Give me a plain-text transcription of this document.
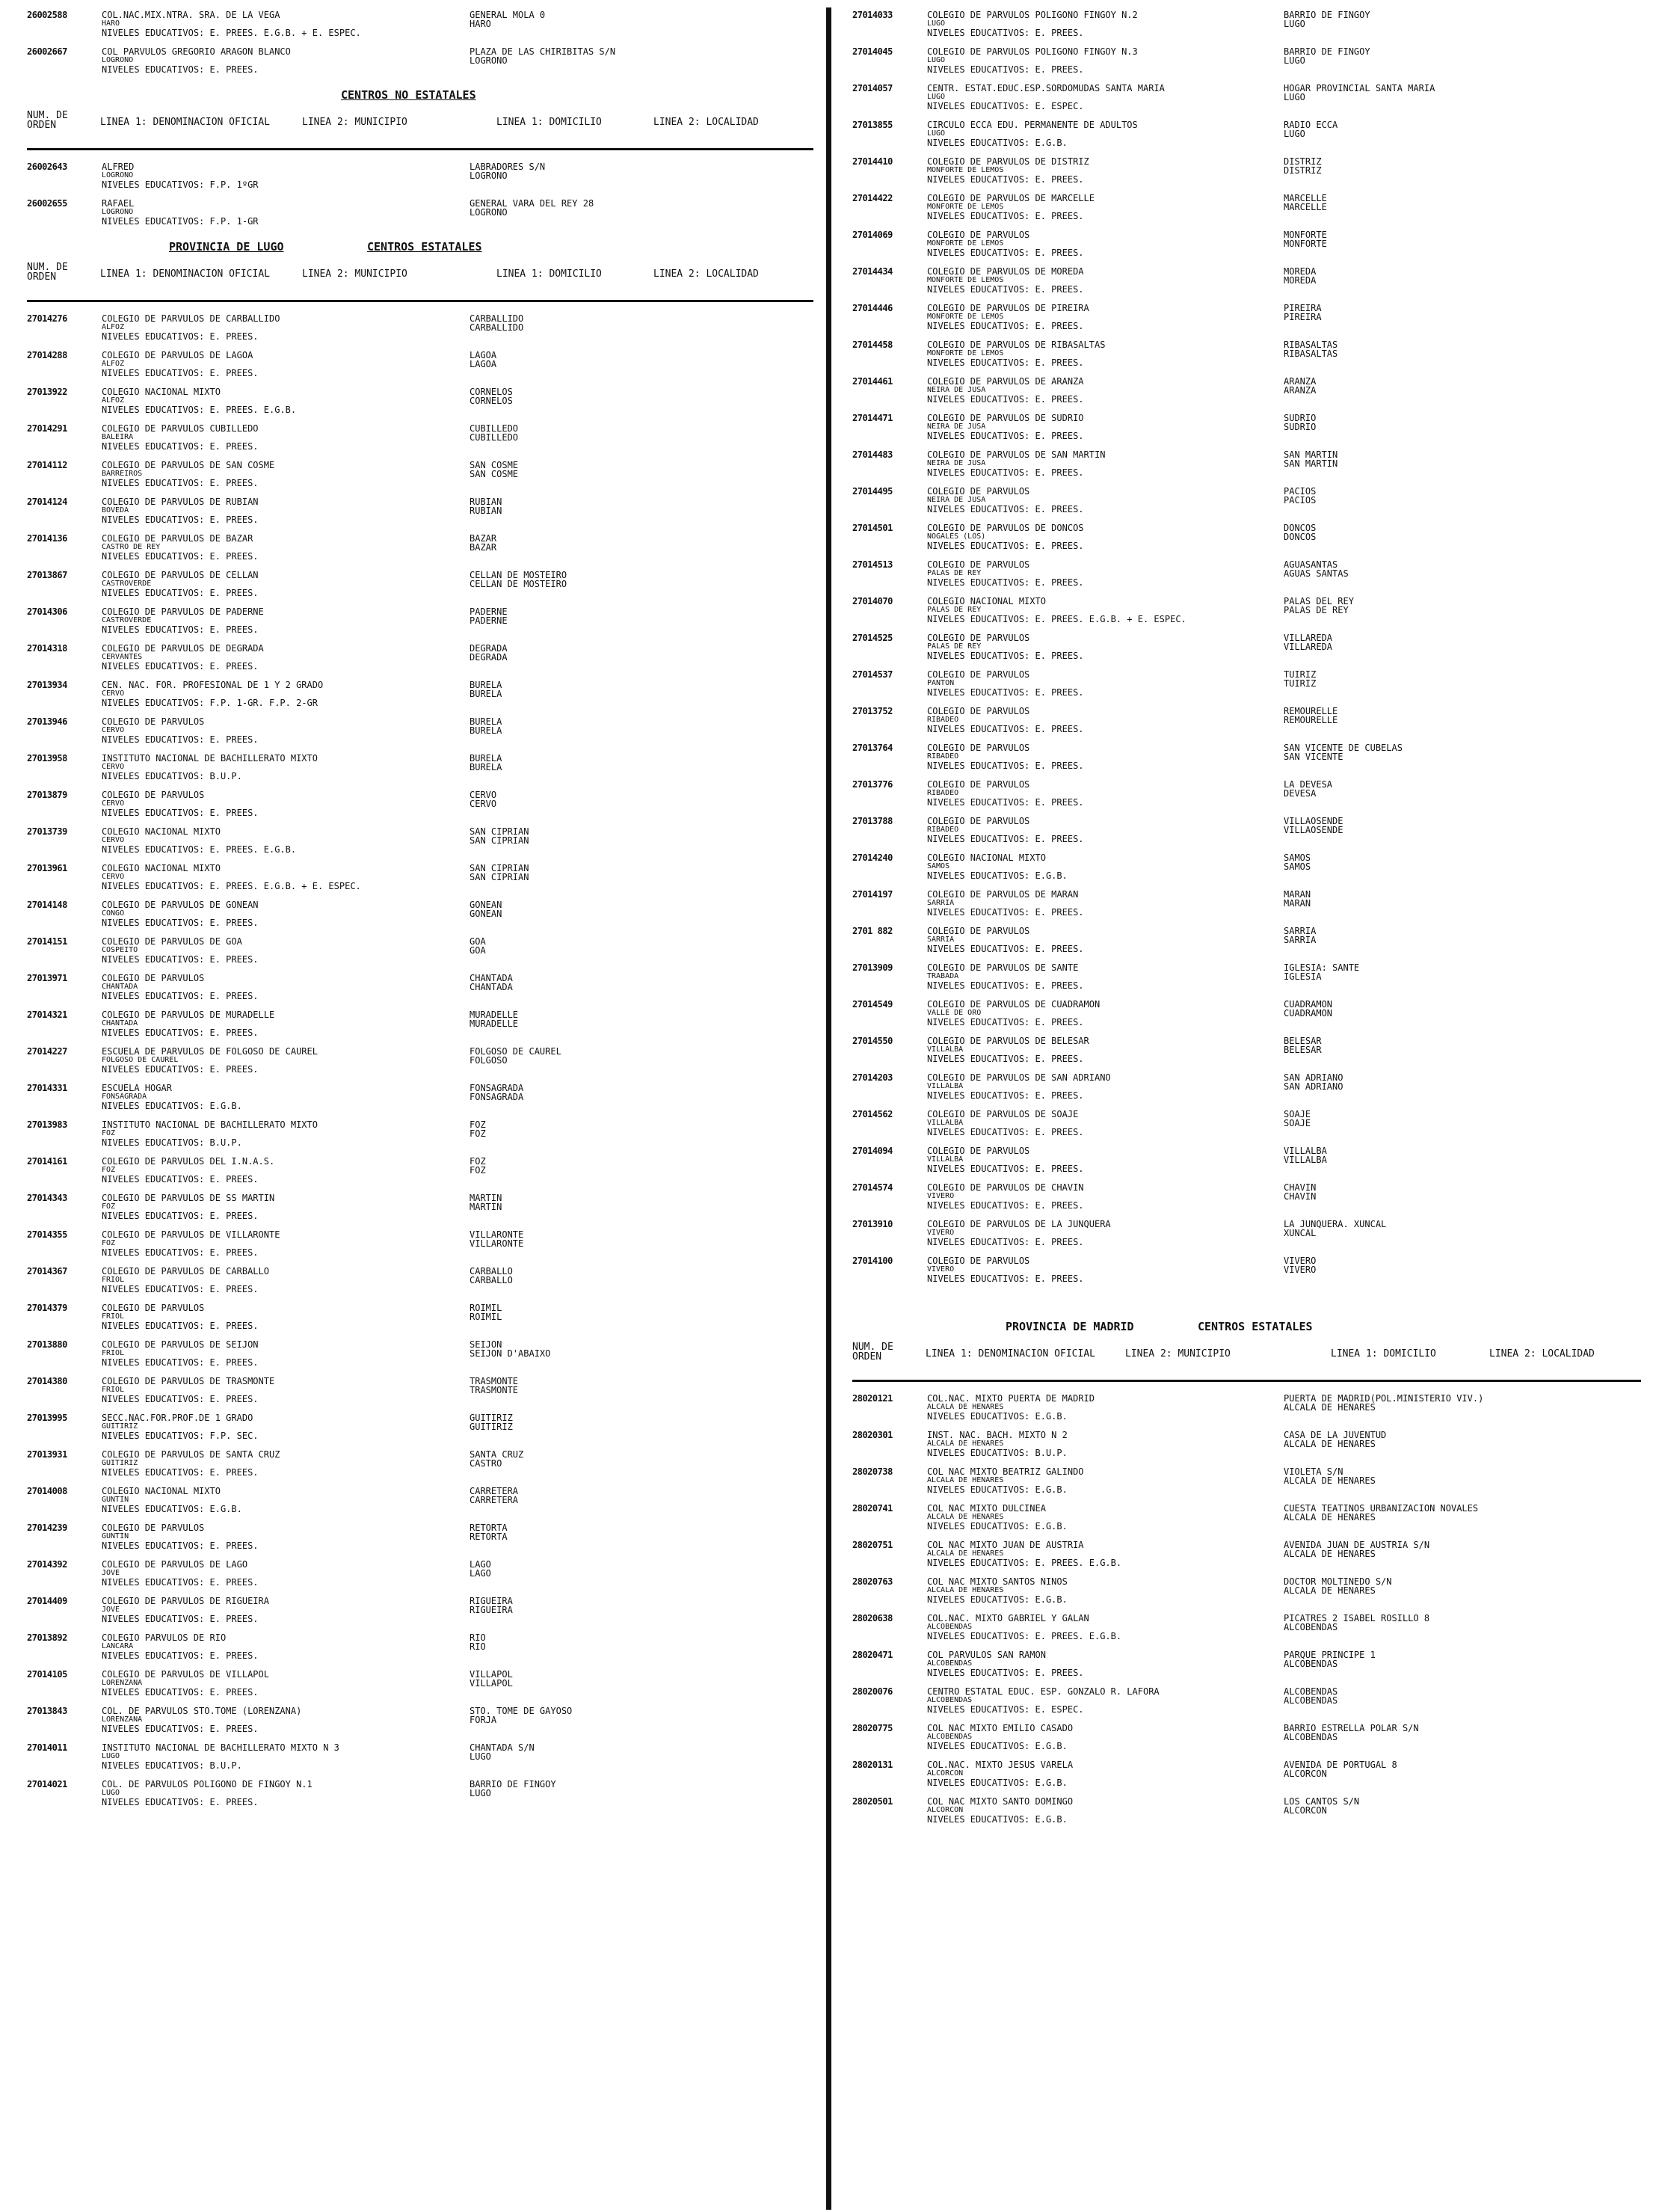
26002588	COL.NAC.MIX.NTRA. SRA. DE LA VEGA
HARO
NIVELES EDUCATIVOS: E. PREES. E.G.B. + E. ESPEC.
GENERAL MOLA 0
HARO
26002667	COL PARVULOS GREGORIO ARAGON BLANCO
LOGROÑO
NIVELES EDUCATIVOS: E. PREES.
PLAZA DE LAS CHIRIBITAS S/N
LOGROÑO
CENTROS NO ESTATALES
NUM. DE ORDEN	LINEA 1: DENOMINACION OFICIAL	LINEA 2: MUNICIPIO	LINEA 1: DOMICILIO	LINEA 2: LOCALIDAD
26002643	ALFRED
LOGROÑO
NIVELES EDUCATIVOS: F.P. 1ºGR
LABRADORES S/N
LOGROÑO
26002655	RAFAEL
LOGROÑO
NIVELES EDUCATIVOS: F.P. 1-GR
GENERAL VARA DEL REY 28
LOGROÑO
PROVINCIA DE LUGO	CENTROS ESTATALES
NUM. DE ORDEN	LINEA 1: DENOMINACION OFICIAL	LINEA 2: MUNICIPIO	LINEA 1: DOMICILIO	LINEA 2: LOCALIDAD
27014276	COLEGIO DE PARVULOS DE CARBALLIDO
ALFOZ
NIVELES EDUCATIVOS: E. PREES.
CARBALLIDO
CARBALLIDO
27014288	COLEGIO DE PARVULOS DE LAGOA
ALFOZ
NIVELES EDUCATIVOS: E. PREES.
LAGOA
LAGOA
27013922	COLEGIO NACIONAL MIXTO
ALFOZ
NIVELES EDUCATIVOS: E. PREES. E.G.B.
CORNELOS
CORNELOS
27014291	COLEGIO DE PARVULOS CUBILLEDO
BALEIRA
NIVELES EDUCATIVOS: E. PREES.
CUBILLEDO
CUBILLEDO
27014112	COLEGIO DE PARVULOS DE SAN COSME
BARREIROS
NIVELES EDUCATIVOS: E. PREES.
SAN COSME
SAN COSME
27014124	COLEGIO DE PARVULOS DE RUBIAN
BOVEDA
NIVELES EDUCATIVOS: E. PREES.
RUBIAN
RUBIAN
27014136	COLEGIO DE PARVULOS DE BAZAR
CASTRO DE REY
NIVELES EDUCATIVOS: E. PREES.
BAZAR
BAZAR
27013867	COLEGIO DE PARVULOS DE CELLAN
CASTROVERDE
NIVELES EDUCATIVOS: E. PREES.
CELLAN DE MOSTEIRO
CELLAN DE MOSTEIRO
27014306	COLEGIO DE PARVULOS DE PADERNE
CASTROVERDE
NIVELES EDUCATIVOS: E. PREES.
PADERNE
PADERNE
27014318	COLEGIO DE PARVULOS DE DEGRADA
CERVANTES
NIVELES EDUCATIVOS: E. PREES.
DEGRADA
DEGRADA
27013934	CEN. NAC. FOR. PROFESIONAL DE 1 Y 2 GRADO
CERVO
NIVELES EDUCATIVOS: F.P. 1-GR. F.P. 2-GR
BURELA
BURELA
27013946	COLEGIO DE PARVULOS
CERVO
NIVELES EDUCATIVOS: E. PREES.
BURELA
BURELA
27013958	INSTITUTO NACIONAL DE BACHILLERATO MIXTO
CERVO
NIVELES EDUCATIVOS: B.U.P.
BURELA
BURELA
27013879	COLEGIO DE PARVULOS
CERVO
NIVELES EDUCATIVOS: E. PREES.
CERVO
CERVO
27013739	COLEGIO NACIONAL MIXTO
CERVO
NIVELES EDUCATIVOS: E. PREES. E.G.B.
SAN CIPRIAN
SAN CIPRIAN
27013961	COLEGIO NACIONAL MIXTO
CERVO
NIVELES EDUCATIVOS: E. PREES. E.G.B. + E. ESPEC.
SAN CIPRIAN
SAN CIPRIAN
27014148	COLEGIO DE PARVULOS DE GONEAN
CONGO
NIVELES EDUCATIVOS: E. PREES.
GONEAN
GONEAN
27014151	COLEGIO DE PARVULOS DE GOA
COSPEITO
NIVELES EDUCATIVOS: E. PREES.
GOA
GOA
27013971	COLEGIO DE PARVULOS
CHANTADA
NIVELES EDUCATIVOS: E. PREES.
CHANTADA
CHANTADA
27014321	COLEGIO DE PARVULOS DE MURADELLE
CHANTADA
NIVELES EDUCATIVOS: E. PREES.
MURADELLE
MURADELLE
27014227	ESCUELA DE PARVULOS DE FOLGOSO DE CAUREL
FOLGOSO DE CAUREL
NIVELES EDUCATIVOS: E. PREES.
FOLGOSO DE CAUREL
FOLGOSO
27014331	ESCUELA HOGAR
FONSAGRADA
NIVELES EDUCATIVOS: E.G.B.
FONSAGRADA
FONSAGRADA
27013983	INSTITUTO NACIONAL DE BACHILLERATO MIXTO
FOZ
NIVELES EDUCATIVOS: B.U.P.
FOZ
FOZ
27014161	COLEGIO DE PARVULOS DEL I.N.A.S.
FOZ
NIVELES EDUCATIVOS: E. PREES.
FOZ
FOZ
27014343	COLEGIO DE PARVULOS DE SS MARTIN
FOZ
NIVELES EDUCATIVOS: E. PREES.
MARTIN
MARTIN
27014355	COLEGIO DE PARVULOS DE VILLARONTE
FOZ
NIVELES EDUCATIVOS: E. PREES.
VILLARONTE
VILLARONTE
27014367	COLEGIO DE PARVULOS DE CARBALLO
FRIOL
NIVELES EDUCATIVOS: E. PREES.
CARBALLO
CARBALLO
27014379	COLEGIO DE PARVULOS
FRIOL
NIVELES EDUCATIVOS: E. PREES.
ROIMIL
ROIMIL
27013880	COLEGIO DE PARVULOS DE SEIJON
FRIOL
NIVELES EDUCATIVOS: E. PREES.
SEIJON
SEIJON D'ABAIXO
27014380	COLEGIO DE PARVULOS DE TRASMONTE
FRIOL
NIVELES EDUCATIVOS: E. PREES.
TRASMONTE
TRASMONTE
27013995	SECC.NAC.FOR.PROF.DE 1 GRADO
GUITIRIZ
NIVELES EDUCATIVOS: F.P. SEC.
GUITIRIZ
GUITIRIZ
27013931	COLEGIO DE PARVULOS DE SANTA CRUZ
GUITIRIZ
NIVELES EDUCATIVOS: E. PREES.
SANTA CRUZ
CASTRO
27014008	COLEGIO NACIONAL MIXTO
GUNTIN
NIVELES EDUCATIVOS: E.G.B.
CARRETERA
CARRETERA
27014239	COLEGIO DE PARVULOS
GUNTIN
NIVELES EDUCATIVOS: E. PREES.
RETORTA
RETORTA
27014392	COLEGIO DE PARVULOS DE LAGO
JOVE
NIVELES EDUCATIVOS: E. PREES.
LAGO
LAGO
27014409	COLEGIO DE PARVULOS DE RIGUEIRA
JOVE
NIVELES EDUCATIVOS: E. PREES.
RIGUEIRA
RIGUEIRA
27013892	COLEGIO PARVULOS DE RIO
LANCARA
NIVELES EDUCATIVOS: E. PREES.
RIO
RIO
27014105	COLEGIO DE PARVULOS DE VILLAPOL
LORENZANA
NIVELES EDUCATIVOS: E. PREES.
VILLAPOL
VILLAPOL
27013843	COL. DE PARVULOS STO.TOME (LORENZANA)
LORENZANA
NIVELES EDUCATIVOS: E. PREES.
STO. TOME DE GAYOSO
FORJA
27014011	INSTITUTO NACIONAL DE BACHILLERATO MIXTO N 3
LUGO
NIVELES EDUCATIVOS: B.U.P.
CHANTADA S/N
LUGO
27014021	COL. DE PARVULOS POLIGONO DE FINGOY N.1
LUGO
NIVELES EDUCATIVOS: E. PREES.
BARRIO DE FINGOY
LUGO
27014033	COLEGIO DE PARVULOS POLIGONO FINGOY N.2
LUGO
NIVELES EDUCATIVOS: E. PREES.
BARRIO DE FINGOY
LUGO
27014045	COLEGIO DE PARVULOS POLIGONO FINGOY N.3
LUGO
NIVELES EDUCATIVOS: E. PREES.
BARRIO DE FINGOY
LUGO
27014057	CENTR. ESTAT.EDUC.ESP.SORDOMUDAS SANTA MARIA
LUGO
NIVELES EDUCATIVOS: E. ESPEC.
HOGAR PROVINCIAL SANTA MARIA
LUGO
27013855	CIRCULO ECCA EDU. PERMANENTE DE ADULTOS
LUGO
NIVELES EDUCATIVOS: E.G.B.
RADIO ECCA
LUGO
27014410	COLEGIO DE PARVULOS DE DISTRIZ
MONFORTE DE LEMOS
NIVELES EDUCATIVOS: E. PREES.
DISTRIZ
DISTRIZ
27014422	COLEGIO DE PARVULOS DE MARCELLE
MONFORTE DE LEMOS
NIVELES EDUCATIVOS: E. PREES.
MARCELLE
MARCELLE
27014069	COLEGIO DE PARVULOS
MONFORTE DE LEMOS
NIVELES EDUCATIVOS: E. PREES.
MONFORTE
MONFORTE
27014434	COLEGIO DE PARVULOS DE MOREDA
MONFORTE DE LEMOS
NIVELES EDUCATIVOS: E. PREES.
MOREDA
MOREDA
27014446	COLEGIO DE PARVULOS DE PIREIRA
MONFORTE DE LEMOS
NIVELES EDUCATIVOS: E. PREES.
PIREIRA
PIREIRA
27014458	COLEGIO DE PARVULOS DE RIBASALTAS
MONFORTE DE LEMOS
NIVELES EDUCATIVOS: E. PREES.
RIBASALTAS
RIBASALTAS
27014461	COLEGIO DE PARVULOS DE ARANZA
NEIRA DE JUSA
NIVELES EDUCATIVOS: E. PREES.
ARANZA
ARANZA
27014471	COLEGIO DE PARVULOS DE SUDRIO
NEIRA DE JUSA
NIVELES EDUCATIVOS: E. PREES.
SUDRIO
SUDRIO
27014483	COLEGIO DE PARVULOS DE SAN MARTIN
NEIRA DE JUSA
NIVELES EDUCATIVOS: E. PREES.
SAN MARTIN
SAN MARTIN
27014495	COLEGIO DE PARVULOS
NEIRA DE JUSA
NIVELES EDUCATIVOS: E. PREES.
PACIOS
PACIOS
27014501	COLEGIO DE PARVULOS DE DONCOS
NOGALES (LOS)
NIVELES EDUCATIVOS: E. PREES.
DONCOS
DONCOS
27014513	COLEGIO DE PARVULOS
PALAS DE REY
NIVELES EDUCATIVOS: E. PREES.
AGUASANTAS
AGUAS SANTAS
27014070	COLEGIO NACIONAL MIXTO
PALAS DE REY
NIVELES EDUCATIVOS: E. PREES. E.G.B. + E. ESPEC.
PALAS DEL REY
PALAS DE REY
27014525	COLEGIO DE PARVULOS
PALAS DE REY
NIVELES EDUCATIVOS: E. PREES.
VILLAREDA
VILLAREDA
27014537	COLEGIO DE PARVULOS
PANTON
NIVELES EDUCATIVOS: E. PREES.
TUIRIZ
TUIRIZ
27013752	COLEGIO DE PARVULOS
RIBADEO
NIVELES EDUCATIVOS: E. PREES.
REMOURELLE
REMOURELLE
27013764	COLEGIO DE PARVULOS
RIBADEO
NIVELES EDUCATIVOS: E. PREES.
SAN VICENTE DE CUBELAS
SAN VICENTE
27013776	COLEGIO DE PARVULOS
RIBADEO
NIVELES EDUCATIVOS: E. PREES.
LA DEVESA
DEVESA
27013788	COLEGIO DE PARVULOS
RIBADEO
NIVELES EDUCATIVOS: E. PREES.
VILLAOSENDE
VILLAOSENDE
27014240	COLEGIO NACIONAL MIXTO
SAMOS
NIVELES EDUCATIVOS: E.G.B.
SAMOS
SAMOS
27014197	COLEGIO DE PARVULOS DE MARAN
SARRIA
NIVELES EDUCATIVOS: E. PREES.
MARAN
MARAN
2701 882	COLEGIO DE PARVULOS
SARRIA
NIVELES EDUCATIVOS: E. PREES.
SARRIA
SARRIA
27013909	COLEGIO DE PARVULOS DE SANTE
TRABADA
NIVELES EDUCATIVOS: E. PREES.
IGLESIA: SANTE
IGLESIA
27014549	COLEGIO DE PARVULOS DE CUADRAMON
VALLE DE ORO
NIVELES EDUCATIVOS: E. PREES.
CUADRAMON
CUADRAMON
27014550	COLEGIO DE PARVULOS DE BELESAR
VILLALBA
NIVELES EDUCATIVOS: E. PREES.
BELESAR
BELESAR
27014203	COLEGIO DE PARVULOS DE SAN ADRIANO
VILLALBA
NIVELES EDUCATIVOS: E. PREES.
SAN ADRIANO
SAN ADRIANO
27014562	COLEGIO DE PARVULOS DE SOAJE
VILLALBA
NIVELES EDUCATIVOS: E. PREES.
SOAJE
SOAJE
27014094	COLEGIO DE PARVULOS
VILLALBA
NIVELES EDUCATIVOS: E. PREES.
VILLALBA
VILLALBA
27014574	COLEGIO DE PARVULOS DE CHAVIN
VIVERO
NIVELES EDUCATIVOS: E. PREES.
CHAVIN
CHAVIN
27013910	COLEGIO DE PARVULOS DE LA JUNQUERA
VIVERO
NIVELES EDUCATIVOS: E. PREES.
LA JUNQUERA. XUNCAL
XUNCAL
27014100	COLEGIO DE PARVULOS
VIVERO
NIVELES EDUCATIVOS: E. PREES.
VIVERO
VIVERO
PROVINCIA DE MADRID	CENTROS ESTATALES
NUM. DE ORDEN	LINEA 1: DENOMINACION OFICIAL	LINEA 2: MUNICIPIO	LINEA 1: DOMICILIO	LINEA 2: LOCALIDAD
28020121	COL.NAC. MIXTO PUERTA DE MADRID
ALCALA DE HENARES
NIVELES EDUCATIVOS: E.G.B.
PUERTA DE MADRID(POL.MINISTERIO VIV.)
ALCALA DE HENARES
28020301	INST. NAC. BACH. MIXTO N 2
ALCALA DE HENARES
NIVELES EDUCATIVOS: B.U.P.
CASA DE LA JUVENTUD
ALCALA DE HENARES
28020738	COL NAC MIXTO BEATRIZ GALINDO
ALCALA DE HENARES
NIVELES EDUCATIVOS: E.G.B.
VIOLETA S/N
ALCALA DE HENARES
28020741	COL NAC MIXTO DULCINEA
ALCALA DE HENARES
NIVELES EDUCATIVOS: E.G.B.
CUESTA TEATINOS URBANIZACION NOVALES
ALCALA DE HENARES
28020751	COL NAC MIXTO JUAN DE AUSTRIA
ALCALA DE HENARES
NIVELES EDUCATIVOS: E. PREES. E.G.B.
AVENIDA JUAN DE AUSTRIA S/N
ALCALA DE HENARES
28020763	COL NAC MIXTO SANTOS NINOS
ALCALA DE HENARES
NIVELES EDUCATIVOS: E.G.B.
DOCTOR MOLTINEDO S/N
ALCALA DE HENARES
28020638	COL.NAC. MIXTO GABRIEL Y GALAN
ALCOBENDAS
NIVELES EDUCATIVOS: E. PREES. E.G.B.
PICATRES 2 ISABEL ROSILLO 8
ALCOBENDAS
28020471	COL PARVULOS SAN RAMON
ALCOBENDAS
NIVELES EDUCATIVOS: E. PREES.
PARQUE PRINCIPE 1
ALCOBENDAS
28020076	CENTRO ESTATAL EDUC. ESP. GONZALO R. LAFORA
ALCOBENDAS
NIVELES EDUCATIVOS: E. ESPEC.
ALCOBENDAS
ALCOBENDAS
28020775	COL NAC MIXTO EMILIO CASADO
ALCOBENDAS
NIVELES EDUCATIVOS: E.G.B.
BARRIO ESTRELLA POLAR S/N
ALCOBENDAS
28020131	COL.NAC. MIXTO JESUS VARELA
ALCORCON
NIVELES EDUCATIVOS: E.G.B.
AVENIDA DE PORTUGAL 8
ALCORCON
28020501	COL NAC MIXTO SANTO DOMINGO
ALCORCON
NIVELES EDUCATIVOS: E.G.B.
LOS CANTOS S/N
ALCORCON
